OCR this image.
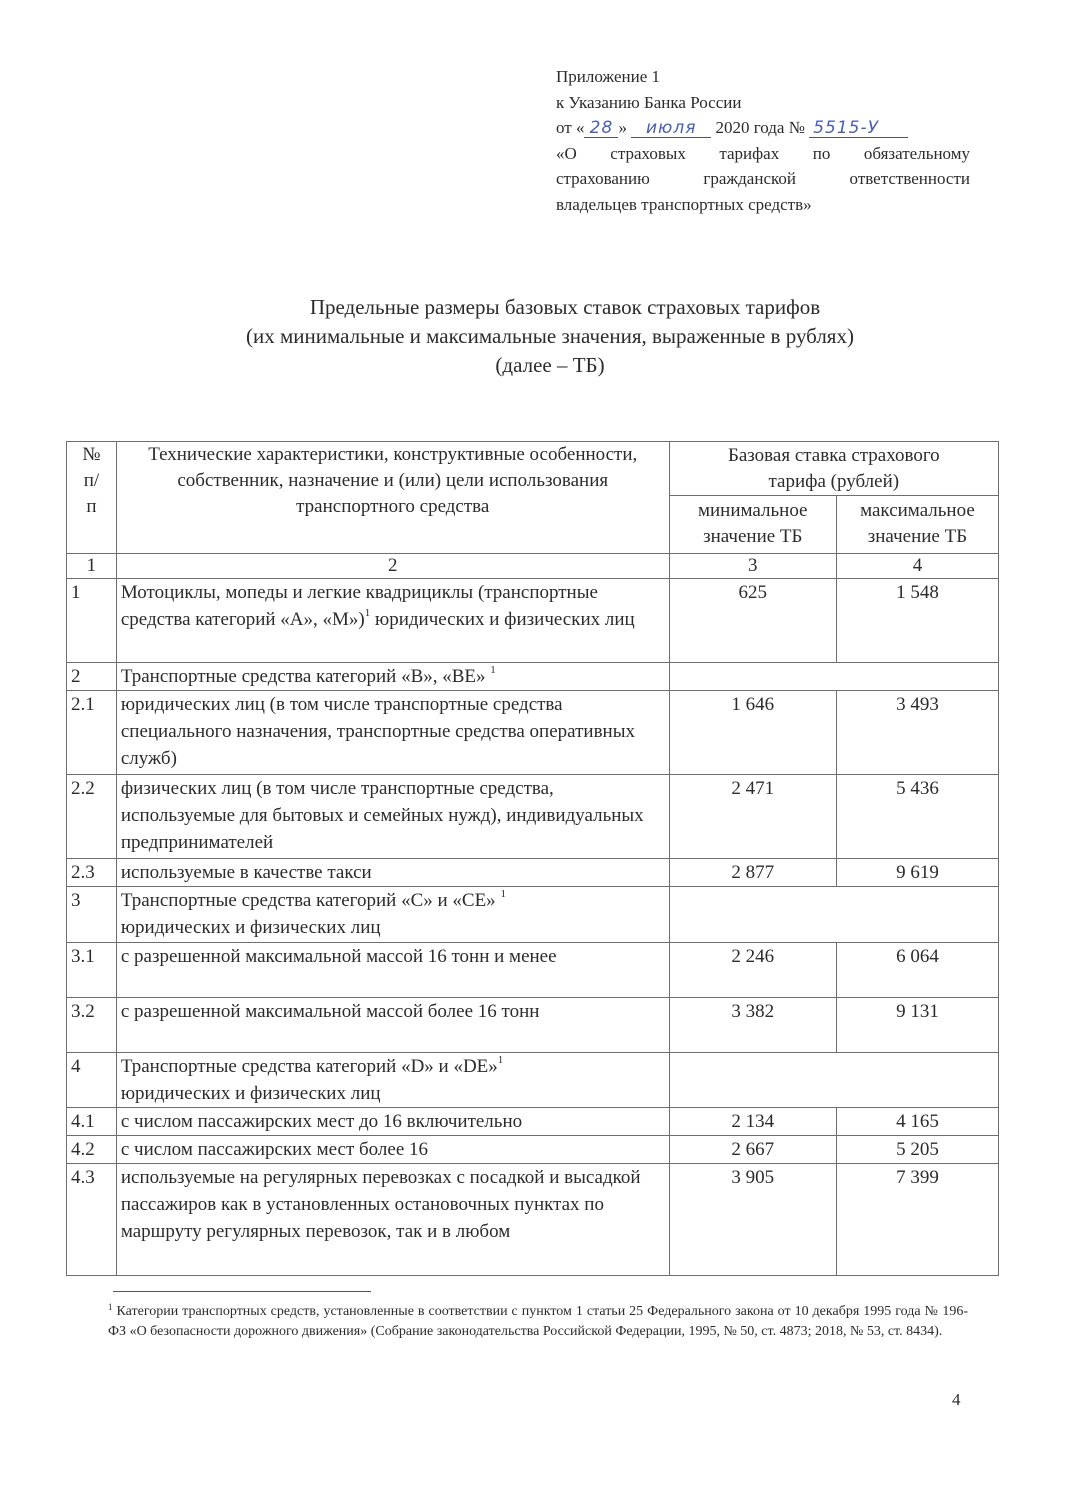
Приложение 1
к Указанию Банка России
от « 28 » июля 2020 года № 5515-У
«О страховых тарифах по обязательному
страхованию гражданской ответственности
владельцев транспортных средств»
Предельные размеры базовых ставок страховых тарифов
(их минимальные и максимальные значения, выраженные в рублях)
(далее – ТБ)
№ п/п	Технические характеристики, конструктивные особенности, собственник, назначение и (или) цели использования транспортного средства	Базовая ставка страхового тарифа (рублей)	
		минимальное значение ТБ	максимальное значение ТБ
1	2	3	4
1	Мотоциклы, мопеды и легкие квадрициклы (транспортные средства категорий «А», «М»)$^1$ юридических и физических лиц	625	1 548
2	Транспортные средства категорий «В», «ВЕ» $^1$	
2.1	юридических лиц (в том числе транспортные средства специального назначения, транспортные средства оперативных служб)	1 646	3 493
2.2	физических лиц (в том числе транспортные средства, используемые для бытовых и семейных нужд), индивидуальных предпринимателей	2 471	5 436
2.3	используемые в качестве такси	2 877	9 619
3	Транспортные средства категорий «С» и «СЕ» $^1$
юридических и физических лиц		
3.1	с разрешенной максимальной массой 16 тонн и менее	2 246	6 064
3.2	с разрешенной максимальной массой более 16 тонн	3 382	9 131
4	Транспортные средства категорий «D» и «DE»$^1$
юридических и физических лиц		
4.1	с числом пассажирских мест до 16 включительно	2 134	4 165
4.2	с числом пассажирских мест более 16	2 667	5 205
4.3	используемые на регулярных перевозках с посадкой и высадкой пассажиров как в установленных остановочных пунктах по маршруту регулярных перевозок, так и в любом	3 905	7 399
$^1$ Категории транспортных средств, установленные в соответствии с пунктом 1 статьи 25 Федерального закона от 10 декабря 1995 года № 196-ФЗ «О безопасности дорожного движения» (Собрание законодательства Российской Федерации, 1995, № 50, ст. 4873; 2018, № 53, ст. 8434).
4
